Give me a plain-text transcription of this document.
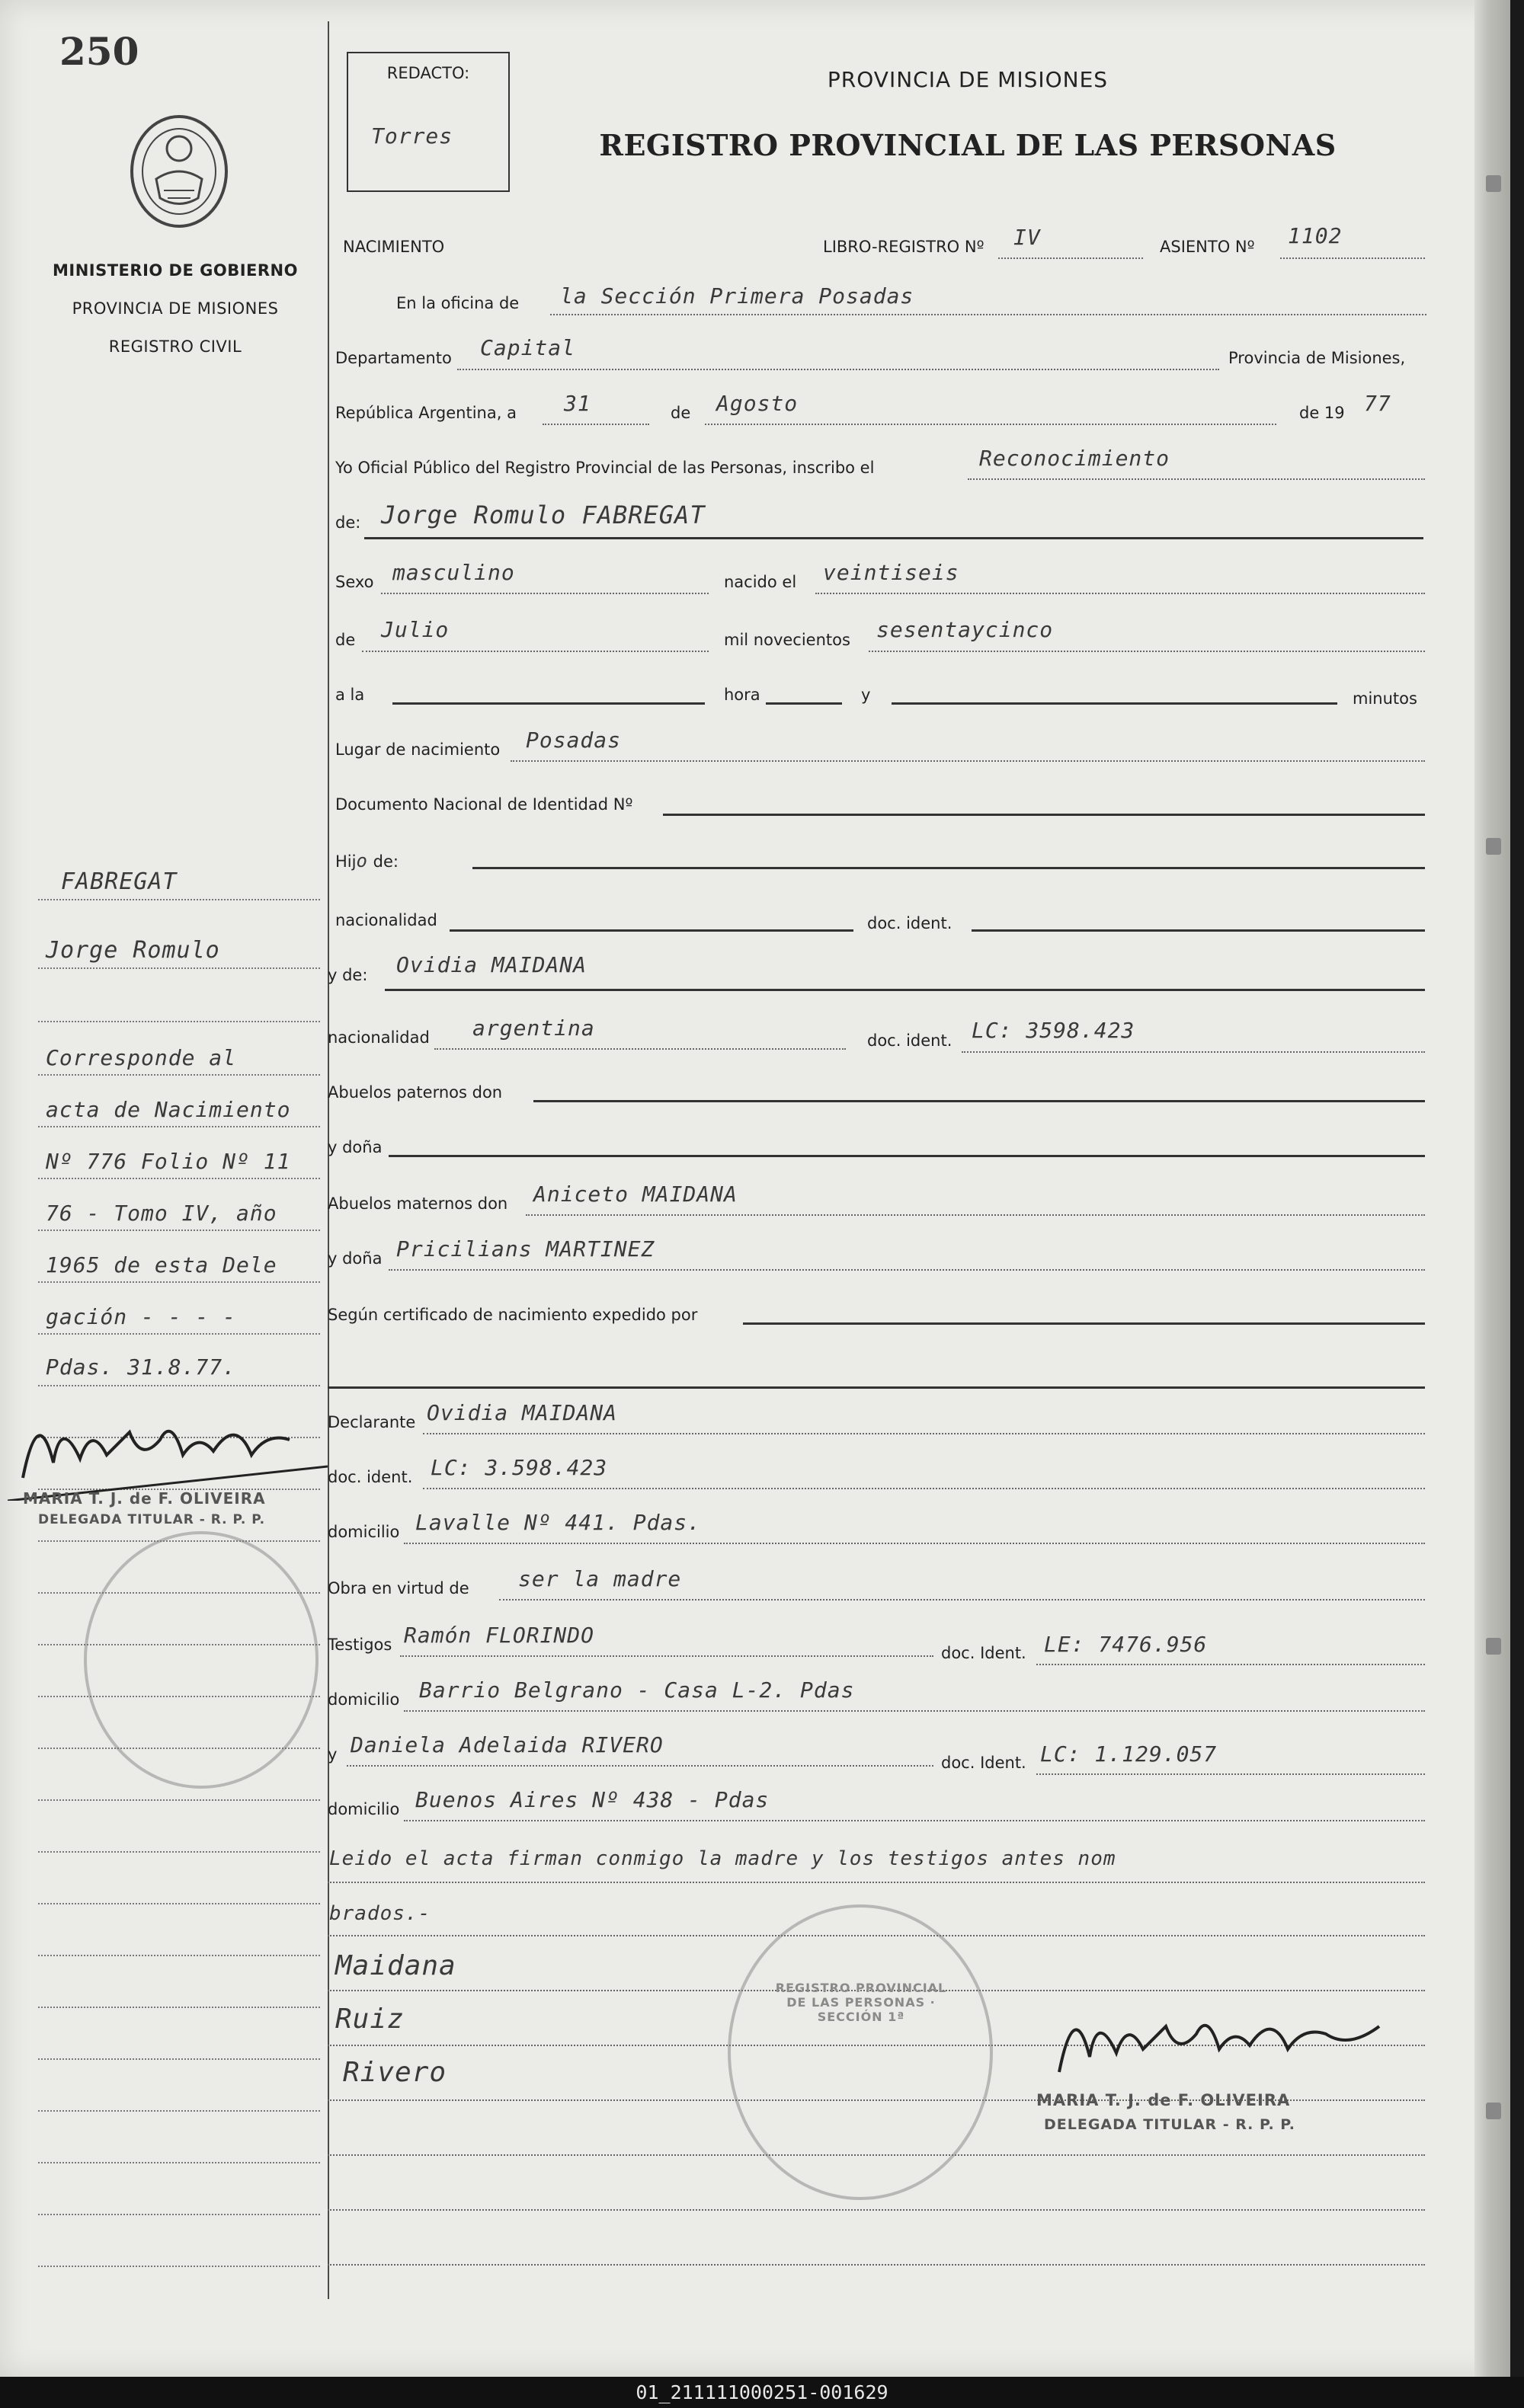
250
MINISTERIO DE GOBIERNO
PROVINCIA DE MISIONES
REGISTRO CIVIL
REDACTO:
Torres
PROVINCIA DE MISIONES
REGISTRO PROVINCIAL DE LAS PERSONAS
NACIMIENTO	LIBRO-REGISTRO Nº IV	ASIENTO Nº 1102
En la oficina de la Sección Primera Posadas
Departamento Capital	Provincia de Misiones,
República Argentina, a 31	de Agosto	de 19 77
Yo Oficial Público del Registro Provincial de las Personas, inscribo el	Reconocimiento
de: Jorge Romulo FABREGAT
Sexo masculino	nacido el veintiseis
de Julio	mil novecientos sesentaycinco
a la	hora	y	minutos
Lugar de nacimiento Posadas
Documento Nacional de Identidad Nº
Hijo de:
nacionalidad	doc. ident.
y de: Ovidia MAIDANA
nacionalidad argentina	doc. ident. LC: 3598.423
Abuelos paternos don
y doña
Abuelos maternos don Aniceto MAIDANA
y doña Pricilians MARTINEZ
Según certificado de nacimiento expedido por
Declarante Ovidia MAIDANA
doc. ident. LC: 3.598.423
domicilio Lavalle Nº 441. Pdas.
Obra en virtud de ser la madre
Testigos Ramón FLORINDO
doc. Ident. LE: 7476.956
domicilio Barrio Belgrano - Casa L-2. Pdas
y Daniela Adelaida RIVERO
doc. Ident. LC: 1.129.057
domicilio Buenos Aires Nº 438 - Pdas
Leido el acta firman conmigo la madre y los testigos antes nom
brados.-
Maidana
Ruiz
Rivero
FABREGAT
Jorge Romulo
Corresponde al
acta de Nacimiento
Nº 776 Folio Nº 11
76 - Tomo IV, año
1965 de esta Dele
gación - - - -
Pdas. 31.8.77.
MARIA T. J. de F. OLIVEIRA
DELEGADA TITULAR - R. P. P.
REGISTRO PROVINCIAL DE LAS PERSONAS · SECCIÓN 1ª
MARIA T. J. de F. OLIVEIRA
DELEGADA TITULAR - R. P. P.
01_211111000251-001629
